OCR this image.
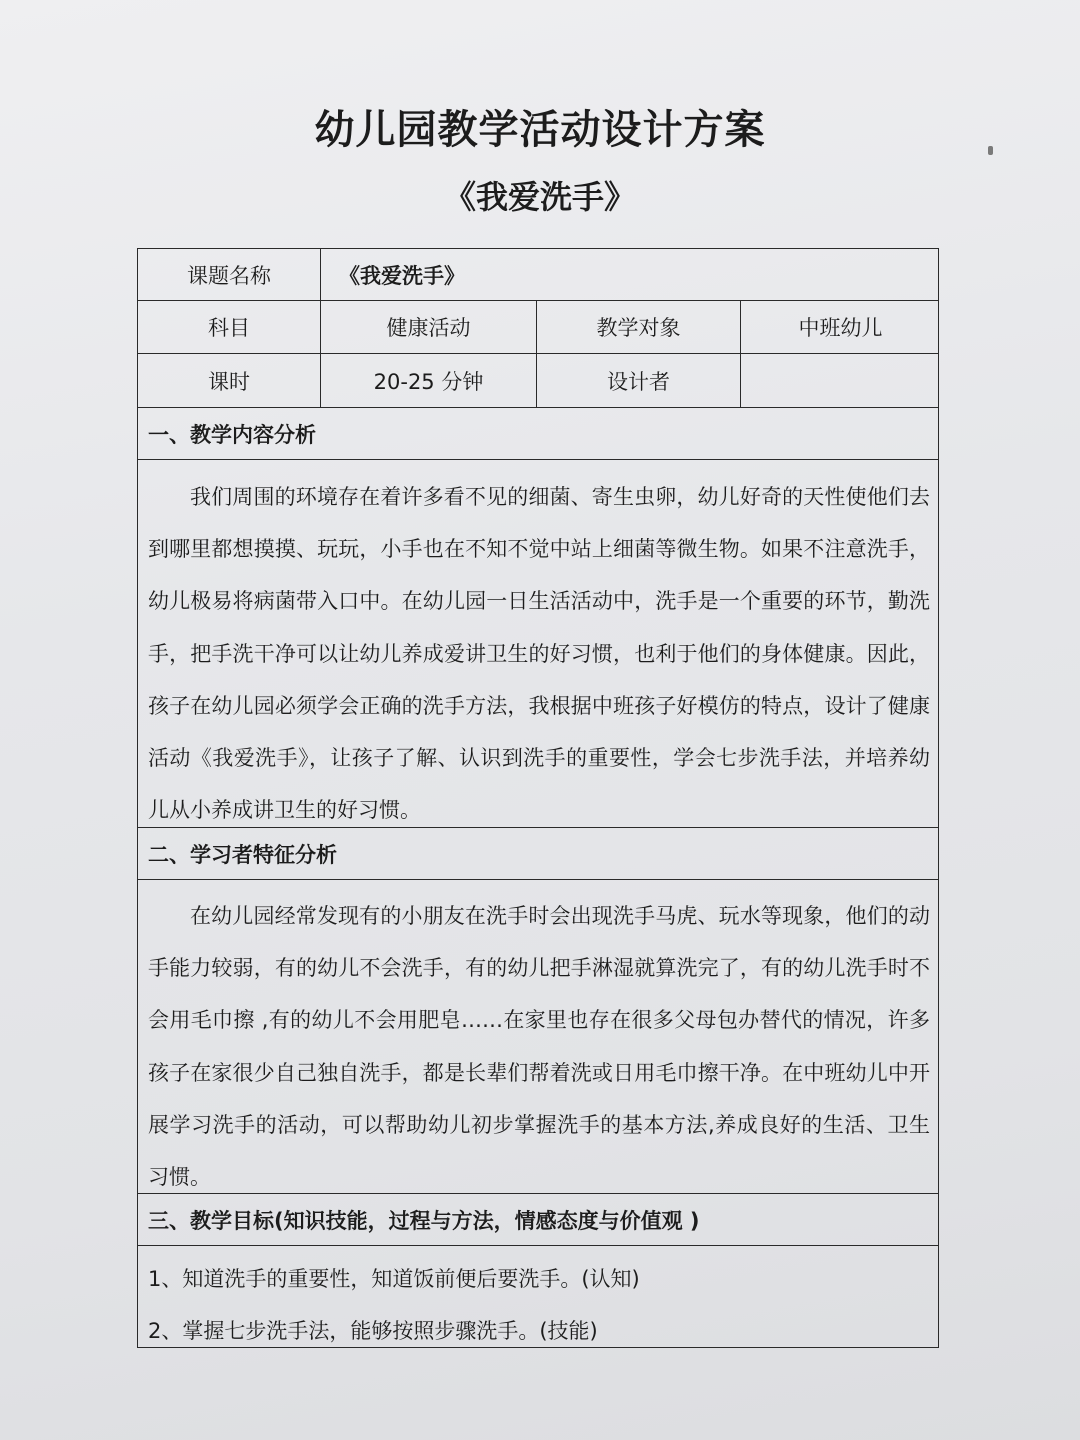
幼儿园教学活动设计方案
《我爱洗手》
课题名称	《我爱洗手》
科目	健康活动	教学对象	中班幼儿
课时	20-25 分钟	设计者
一、教学内容分析
我们周围的环境存在着许多看不见的细菌、寄生虫卵，幼儿好奇的天性使他们去到哪里都想摸摸、玩玩，小手也在不知不觉中站上细菌等微生物。如果不注意洗手，幼儿极易将病菌带入口中。在幼儿园一日生活活动中，洗手是一个重要的环节，勤洗手，把手洗干净可以让幼儿养成爱讲卫生的好习惯，也利于他们的身体健康。因此，孩子在幼儿园必须学会正确的洗手方法，我根据中班孩子好模仿的特点，设计了健康活动《我爱洗手》，让孩子了解、认识到洗手的重要性，学会七步洗手法，并培养幼儿从小养成讲卫生的好习惯。
二、学习者特征分析
在幼儿园经常发现有的小朋友在洗手时会出现洗手马虎、玩水等现象，他们的动手能力较弱，有的幼儿不会洗手，有的幼儿把手淋湿就算洗完了，有的幼儿洗手时不会用毛巾擦 ,有的幼儿不会用肥皂……在家里也存在很多父母包办替代的情况，许多孩子在家很少自己独自洗手，都是长辈们帮着洗或日用毛巾擦干净。在中班幼儿中开展学习洗手的活动，可以帮助幼儿初步掌握洗手的基本方法,养成良好的生活、卫生习惯。
三、教学目标(知识技能，过程与方法，情感态度与价值观 )
1、知道洗手的重要性，知道饭前便后要洗手。(认知)
2、掌握七步洗手法，能够按照步骤洗手。(技能)
